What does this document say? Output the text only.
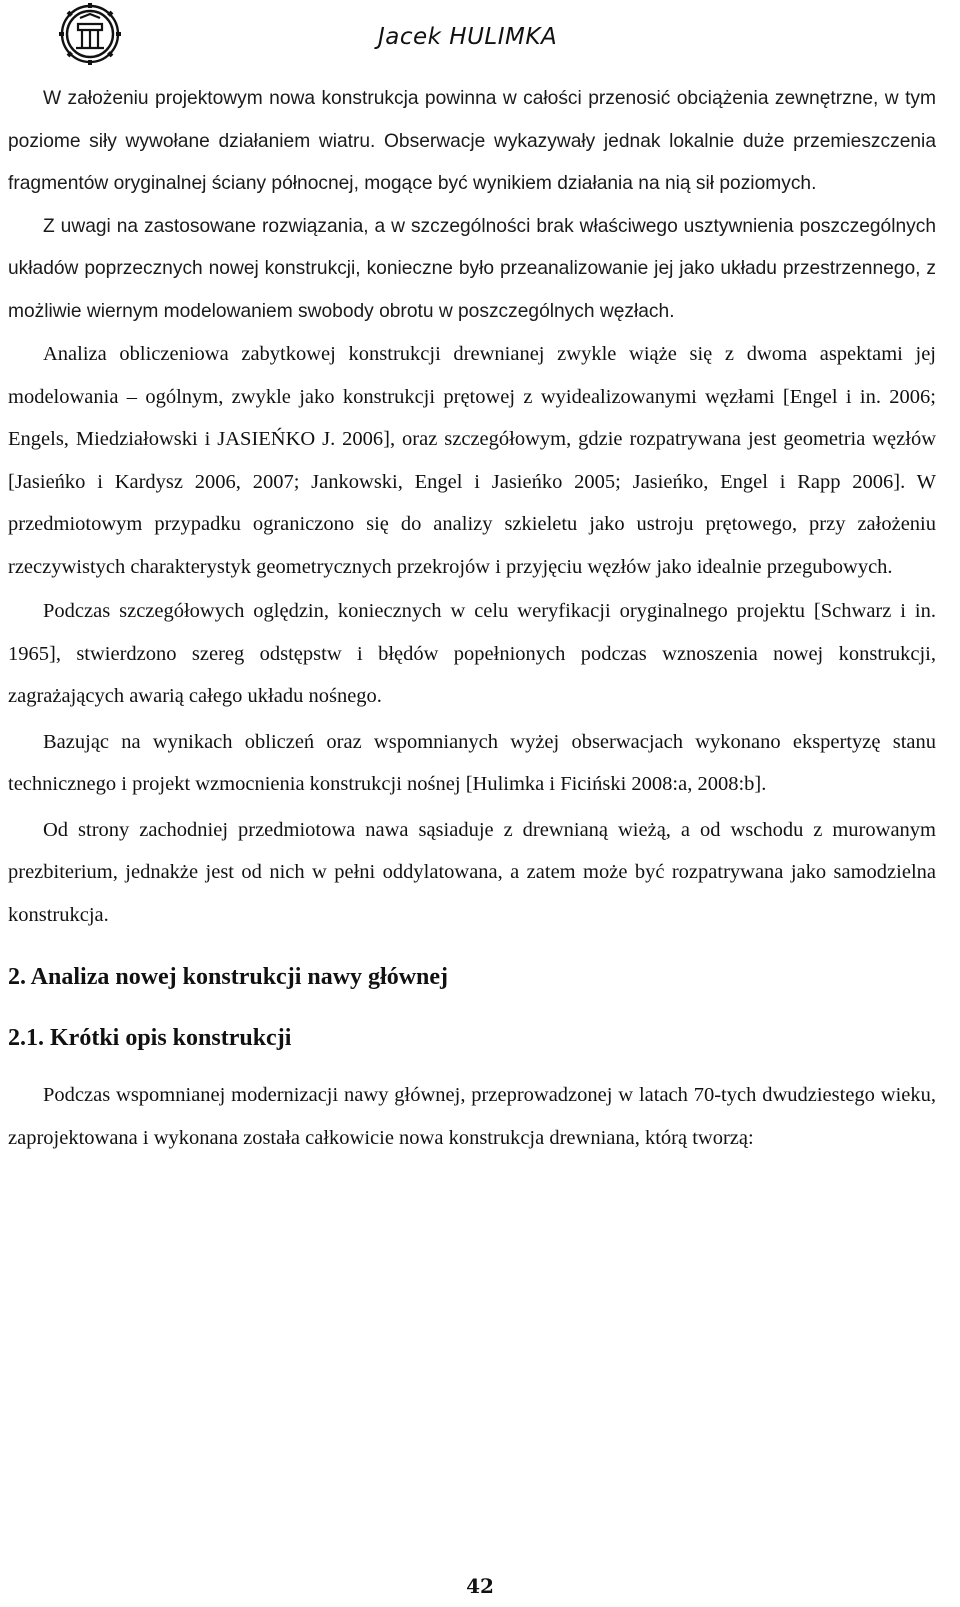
Jacek HULIMKA

W założeniu projektowym nowa konstrukcja powinna w całości przenosić obciążenia zewnętrzne, w tym poziome siły wywołane działaniem wiatru. Obserwacje wykazywały jednak lokalnie duże przemieszczenia fragmentów oryginalnej ściany północnej, mogące być wynikiem działania na nią sił poziomych.

Z uwagi na zastosowane rozwiązania, a w szczególności brak właściwego usztywnienia poszczególnych układów poprzecznych nowej konstrukcji, konieczne było przeanalizowanie jej jako układu przestrzennego, z możliwie wiernym modelowaniem swobody obrotu w poszczególnych węzłach.

Analiza obliczeniowa zabytkowej konstrukcji drewnianej zwykle wiąże się z dwoma aspektami jej modelowania – ogólnym, zwykle jako konstrukcji prętowej z wyidealizowanymi węzłami [Engel i in. 2006; Engels, Miedziałowski i JASIEŃKO J. 2006], oraz szczegółowym, gdzie rozpatrywana jest geometria węzłów [Jasieńko i Kardysz 2006, 2007; Jankowski, Engel i Jasieńko 2005; Jasieńko, Engel i Rapp 2006]. W przedmiotowym przypadku ograniczono się do analizy szkieletu jako ustroju prętowego, przy założeniu rzeczywistych charakterystyk geometrycznych przekrojów i przyjęciu węzłów jako idealnie przegubowych.

Podczas szczegółowych oględzin, koniecznych w celu weryfikacji oryginalnego projektu [Schwarz i in. 1965], stwierdzono szereg odstępstw i błędów popełnionych podczas wznoszenia nowej konstrukcji, zagrażających awarią całego układu nośnego.

Bazując na wynikach obliczeń oraz wspomnianych wyżej obserwacjach wykonano ekspertyzę stanu technicznego i projekt wzmocnienia konstrukcji nośnej [Hulimka i Ficiński 2008:a, 2008:b].

Od strony zachodniej przedmiotowa nawa sąsiaduje z drewnianą wieżą, a od wschodu z murowanym prezbiterium, jednakże jest od nich w pełni oddylatowana, a zatem może być rozpatrywana jako samodzielna konstrukcja.

2. Analiza nowej konstrukcji nawy głównej
2.1. Krótki opis konstrukcji

Podczas wspomnianej modernizacji nawy głównej, przeprowadzonej w latach 70-tych dwudziestego wieku, zaprojektowana i wykonana została całkowicie nowa konstrukcja drewniana, którą tworzą:

42
